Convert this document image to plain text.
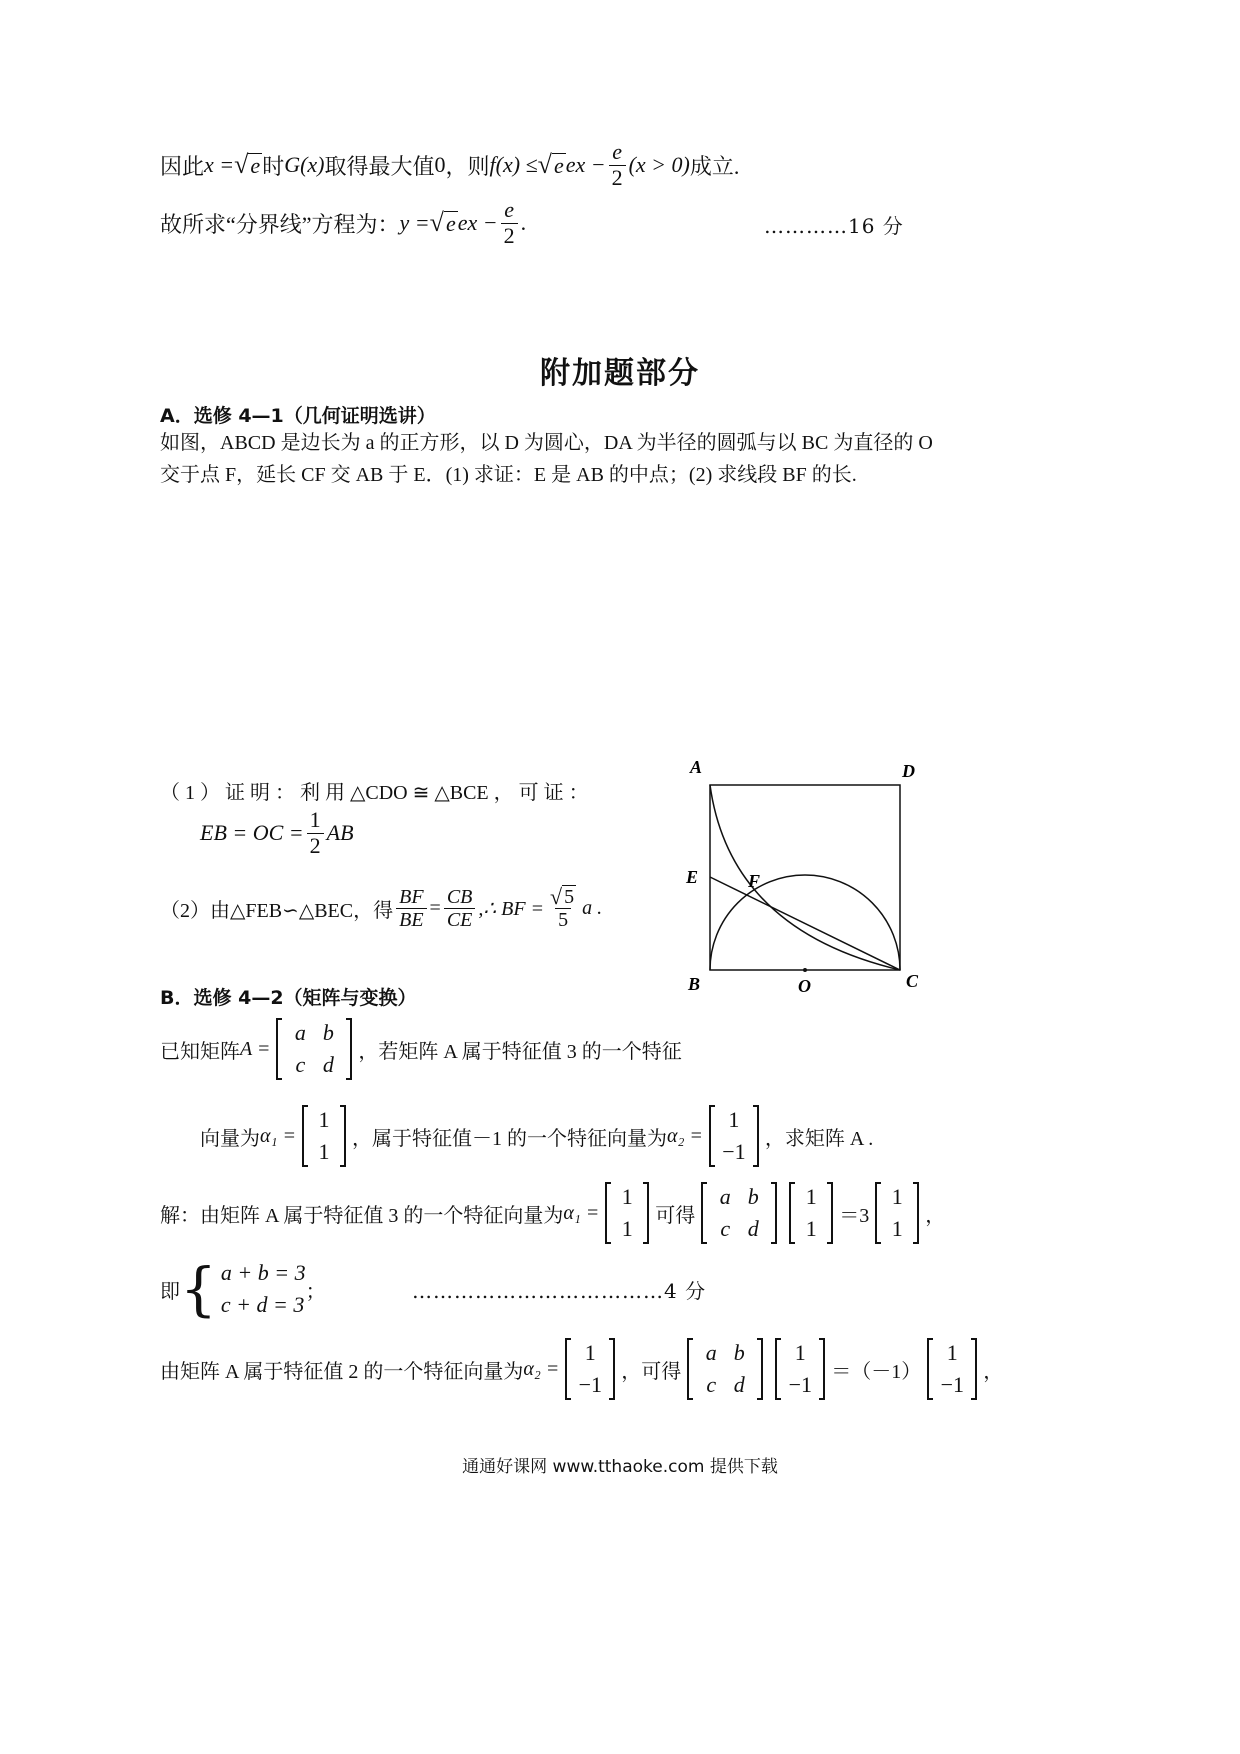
因此 x = √ e 时 G(x) 取得最大值 0 ，则 f(x) ≤ √ e ex − $\frac{e}{2} (x > 0)$ 成立.
故所求“分界线”方程为： y = √ e ex − $\frac{e}{2}$ .	…………16 分
附加题部分
A．选修 4—1（几何证明选讲）
如图，ABCD 是边长为 a 的正方形，以 D 为圆心，DA 为半径的圆弧与以 BC 为直径的 O
交于点 F，延长 CF 交 AB 于 E．(1) 求证：E 是 AB 的中点；(2) 求线段 BF 的长.
（ 1 ） 证 明 ： 利 用 △CDO ≅ △BCE ， 可 证 ：
EB = OC = $\frac{1}{2}$ AB
（2）由△FEB∽△BEC，得 $\frac{BF}{BE} = \frac{CB}{CE}$ ,∴ BF = $\frac{√ 5}{5}$ a .
A	D
E	F
B	O	C
B．选修 4—2（矩阵与变换）
已知矩阵 A =
a b
c d
，若矩阵 A 属于特征值 3 的一个特征
向量为 α₁ =
1
1
，属于特征值－1 的一个特征向量为 α₂ =
1
−1
，求矩阵 A .
解：由矩阵 A 属于特征值 3 的一个特征向量为 α₁ =
1
1
可得
a b
c d
1
1
＝3
1
1
，
即 { a + b = 3
c + d = 3
；	………………………………4 分
由矩阵 A 属于特征值 2 的一个特征向量为 α₂ =
1
−1
，可得
a b
c d
1
−1
＝（－1）
1
−1
，
通通好课网 www.tthaoke.com 提供下载
